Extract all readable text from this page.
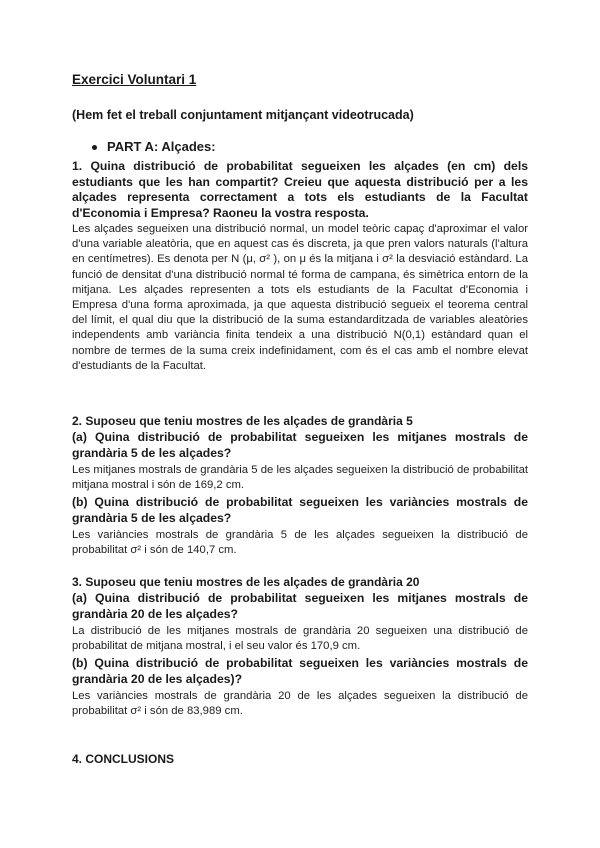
Exercici Voluntari 1
(Hem fet el treball conjuntament mitjançant videotrucada)
PART A: Alçades:
1. Quina distribució de probabilitat segueixen les alçades (en cm) dels estudiants que les han compartit? Creieu que aquesta distribució per a les alçades representa correctament a tots els estudiants de la Facultat d'Economia i Empresa? Raoneu la vostra resposta.
Les alçades segueixen una distribució normal, un model teòric capaç d'aproximar el valor d'una variable aleatòria, que en aquest cas és discreta, ja que pren valors naturals (l'altura en centímetres). Es denota per N (μ, σ² ), on μ és la mitjana i σ² la desviació estàndard. La funció de densitat d'una distribució normal té forma de campana, és simètrica entorn de la mitjana. Les alçades representen a tots els estudiants de la Facultat d'Economia i Empresa d'una forma aproximada, ja que aquesta distribució segueix el teorema central del límit, el qual diu que la distribució de la suma estandarditzada de variables aleatòries independents amb variància finita tendeix a una distribució N(0,1) estàndard quan el nombre de termes de la suma creix indefinidament, com és el cas amb el nombre elevat d'estudiants de la Facultat.
2. Suposeu que teniu mostres de les alçades de grandària 5
(a) Quina distribució de probabilitat segueixen les mitjanes mostrals de grandària 5 de les alçades?
Les mitjanes mostrals de grandària 5 de les alçades segueixen la distribució de probabilitat mitjana mostral i són de 169,2 cm.
(b) Quina distribució de probabilitat segueixen les variàncies mostrals de grandària 5 de les alçades?
Les variàncies mostrals de grandària 5 de les alçades segueixen la distribució de probabilitat σ² i són de 140,7 cm.
3. Suposeu que teniu mostres de les alçades de grandària 20
(a) Quina distribució de probabilitat segueixen les mitjanes mostrals de grandària 20 de les alçades?
La distribució de les mitjanes mostrals de grandària 20 segueixen una distribució de probabilitat de mitjana mostral, i el seu valor és 170,9 cm.
(b) Quina distribució de probabilitat segueixen les variàncies mostrals de grandària 20 de les alçades)?
Les variàncies mostrals de grandària 20 de les alçades segueixen la distribució de probabilitat σ² i són de 83,989 cm.
4. CONCLUSIONS
